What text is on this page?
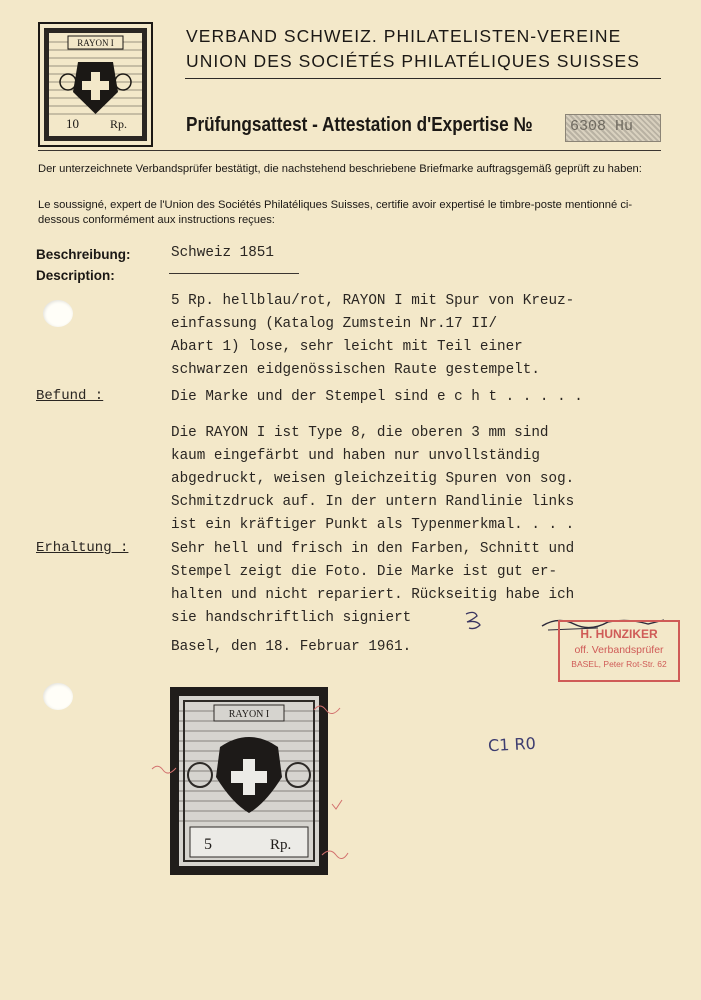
RAYON I
10	Rp.
VERBAND SCHWEIZ. PHILATELISTEN-VEREINE
UNION DES SOCIÉTÉS PHILATÉLIQUES SUISSES
Prüfungsattest - Attestation d'Expertise № 6308 Hu
Der unterzeichnete Verbandsprüfer bestätigt, die nachstehend beschriebene Briefmarke auftragsgemäß geprüft zu haben:
Le soussigné, expert de l'Union des Sociétés Philatéliques Suisses, certifie avoir expertisé le timbre-poste mentionné ci-dessous conformément aux instructions reçues:
Beschreibung:
Description:
Schweiz 1851
5 Rp. hellblau/rot, RAYON I mit Spur von Kreuz-
einfassung (Katalog Zumstein Nr.17 II/
Abart 1) lose, sehr leicht mit Teil einer
schwarzen eidgenössischen Raute gestempelt.
Befund :	Die Marke und der Stempel sind e c h t . . . . .
Die RAYON I ist Type 8, die oberen 3 mm sind
kaum eingefärbt und haben nur unvollständig
abgedruckt, weisen gleichzeitig Spuren von sog.
Schmitzdruck auf. In der untern Randlinie links
ist ein kräftiger Punkt als Typenmerkmal. . . .
Erhaltung :	Sehr hell und frisch in den Farben, Schnitt und
Stempel zeigt die Foto. Die Marke ist gut er-
halten und nicht repariert. Rückseitig habe ich
sie handschriftlich signiert
Basel, den 18. Februar 1961.
H. HUNZIKER
off. Verbandsprüfer
BASEL, Peter Rot-Str. 62
RAYON I
5	Rp.
C1 R0
